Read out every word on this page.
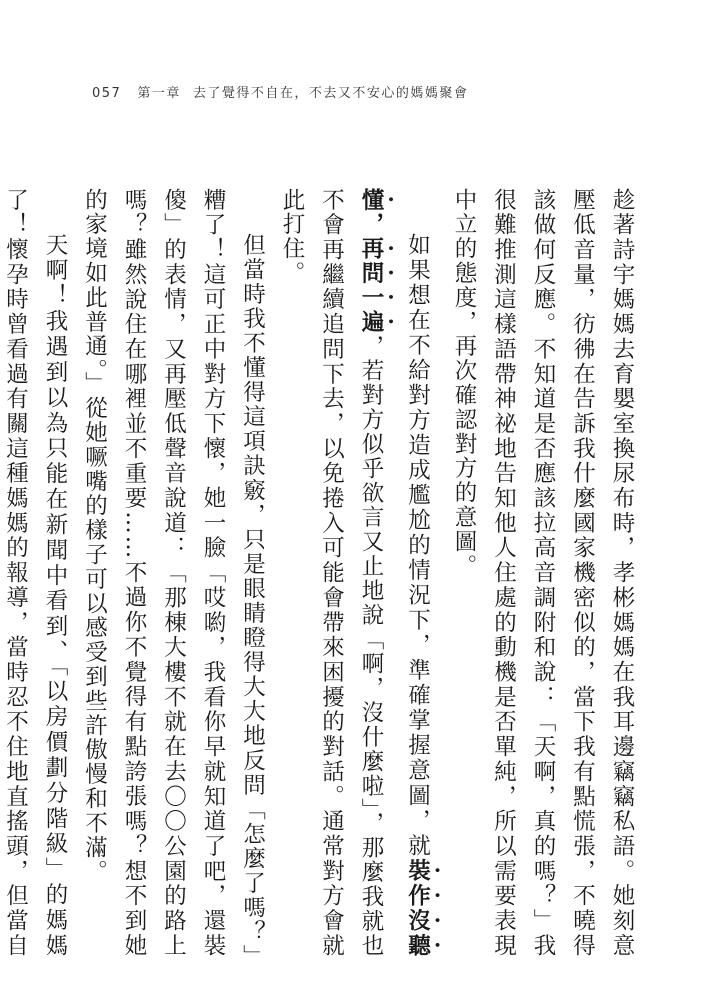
057 第一章 去了覺得不自在，不去又不安心的媽媽聚會

趁著詩宇媽媽去育嬰室換尿布時，孝彬媽媽在我耳邊竊竊私語。她刻意壓低音量，彷彿在告訴我什麼國家機密似的，當下我有點慌張，不曉得該做何反應。不知道是否應該拉高音調附和說：「天啊，真的嗎？」我很難推測這樣語帶神祕地告知他人住處的動機是否單純，所以需要表現中立的態度，再次確認對方的意圖。

如果想在不給對方造成尷尬的情況下，準確掌握意圖，就裝作沒聽懂，再問一遍，若對方似乎欲言又止地說「啊，沒什麼啦」，那麼我就也不會再繼續追問下去，以免捲入可能會帶來困擾的對話。通常對方會就此打住。

但當時我不懂得這項訣竅，只是眼睛瞪得大大地反問「怎麼了嗎？」糟了！這可正中對方下懷，她一臉「哎喲，我看你早就知道了吧，還裝傻」的表情，又再壓低聲音說道：「那棟大樓不就在去〇〇公園的路上嗎？雖然說住在哪裡並不重要……不過你不覺得有點誇張嗎？想不到她的家境如此普通。」從她噘嘴的樣子可以感受到些許傲慢和不滿。

天啊！我遇到以為只能在新聞中看到、「以房價劃分階級」的媽媽了！懷孕時曾看過有關這種媽媽的報導，當時忍不住地直搖頭，但當自
